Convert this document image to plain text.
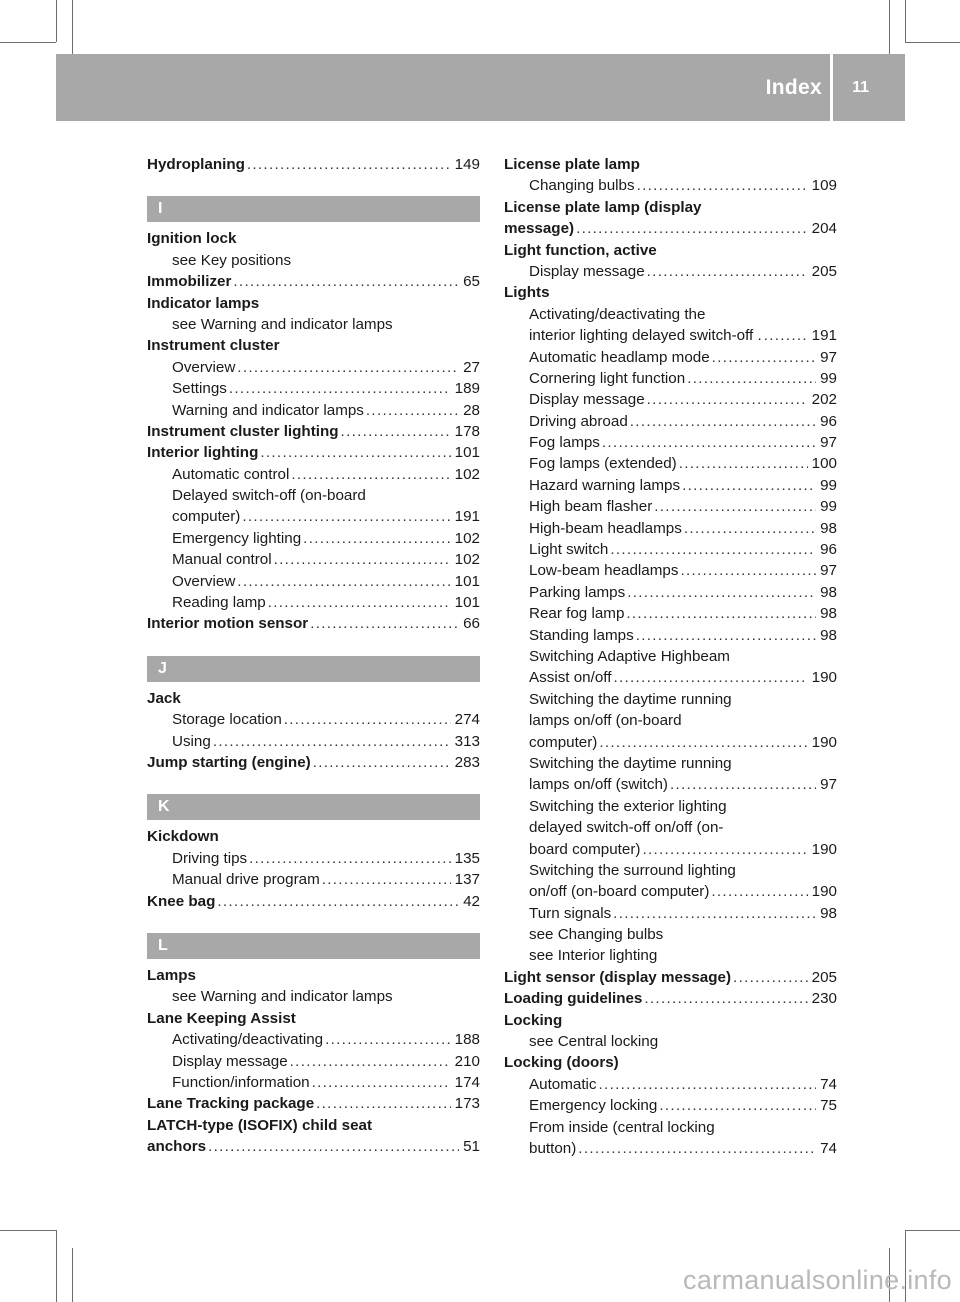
Index 11
Hydroplaning .....	149
I
Ignition lock
see Key positions
Immobilizer .....	65
Indicator lamps
see Warning and indicator lamps
Instrument cluster
Overview .....	27
Settings .....	189
Warning and indicator lamps .....	28
Instrument cluster lighting .....	178
Interior lighting .....	101
Automatic control .....	102
Delayed switch-off (on-board
computer) .....	191
Emergency lighting .....	102
Manual control .....	102
Overview .....	101
Reading lamp .....	101
Interior motion sensor .....	66
J
Jack
Storage location .....	274
Using .....	313
Jump starting (engine) .....	283
K
Kickdown
Driving tips .....	135
Manual drive program .....	137
Knee bag .....	42
L
Lamps
see Warning and indicator lamps
Lane Keeping Assist
Activating/deactivating .....	188
Display message .....	210
Function/information .....	174
Lane Tracking package .....	173
LATCH-type (ISOFIX) child seat
anchors .....	51
License plate lamp
Changing bulbs .....	109
License plate lamp (display
message) .....	204
Light function, active
Display message .....	205
Lights
Activating/deactivating the
interior lighting delayed switch-off . .....	191
Automatic headlamp mode .....	97
Cornering light function .....	99
Display message .....	202
Driving abroad .....	96
Fog lamps .....	97
Fog lamps (extended) .....	100
Hazard warning lamps .....	99
High beam flasher .....	99
High-beam headlamps .....	98
Light switch .....	96
Low-beam headlamps .....	97
Parking lamps .....	98
Rear fog lamp .....	98
Standing lamps .....	98
Switching Adaptive Highbeam
Assist on/off .....	190
Switching the daytime running
lamps on/off (on-board
computer) .....	190
Switching the daytime running
lamps on/off (switch) .....	97
Switching the exterior lighting
delayed switch-off on/off (on-
board computer) .....	190
Switching the surround lighting
on/off (on-board computer) .....	190
Turn signals .....	98
see Changing bulbs
see Interior lighting
Light sensor (display message) .....	205
Loading guidelines .....	230
Locking
see Central locking
Locking (doors)
Automatic .....	74
Emergency locking .....	75
From inside (central locking
button) .....	74
carmanualsonline.info
